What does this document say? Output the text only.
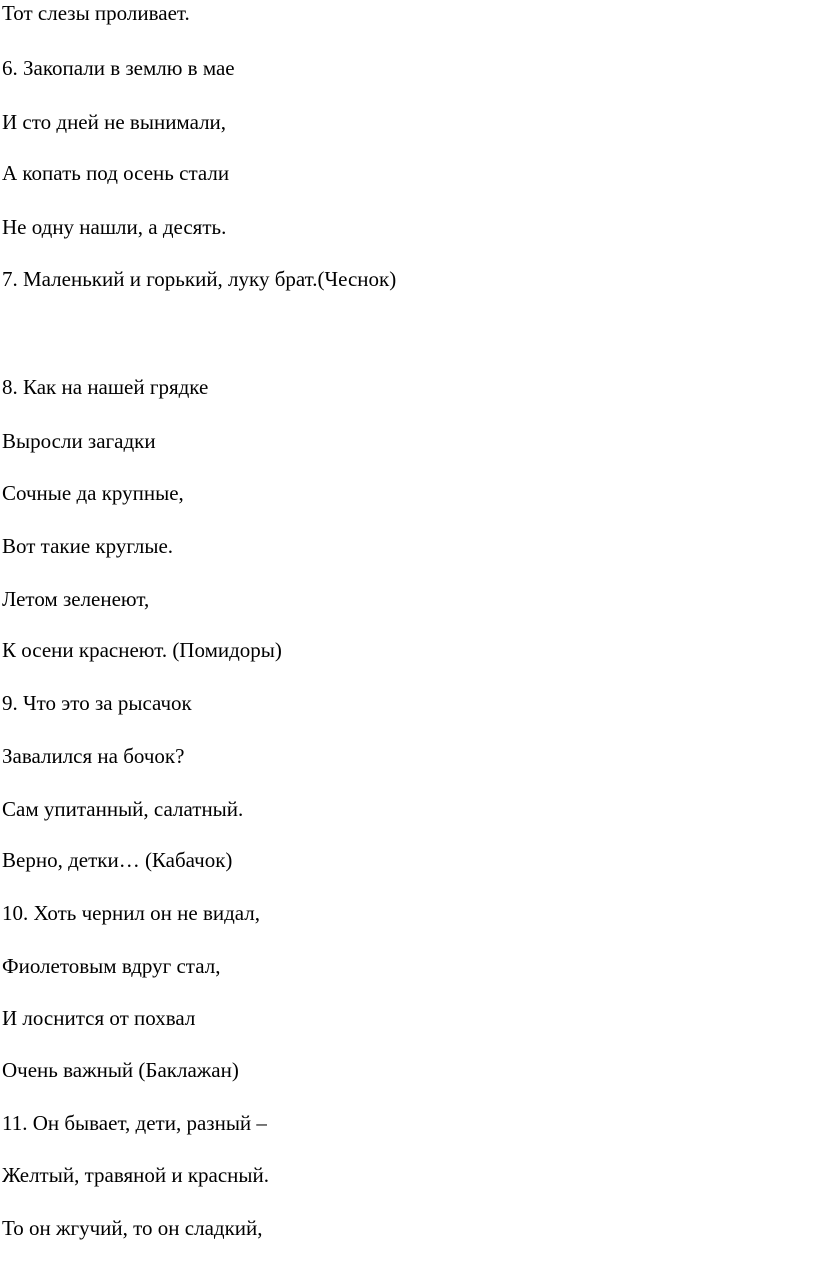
Тот слезы проливает.
6. Закопали в землю в мае
И сто дней не вынимали,
А копать под осень стали
Не одну нашли, а десять.
7. Маленький и горький, луку брат.(Чеснок)
8. Как на нашей грядке
Выросли загадки
Сочные да крупные,
Вот такие круглые.
Летом зеленеют,
К осени краснеют. (Помидоры)
9. Что это за рысачок
Завалился на бочок?
Сам упитанный, салатный.
Верно, детки… (Кабачок)
10. Хоть чернил он не видал,
Фиолетовым вдруг стал,
И лоснится от похвал
Очень важный (Баклажан)
11. Он бывает, дети, разный –
Желтый, травяной и красный.
То он жгучий, то он сладкий,
